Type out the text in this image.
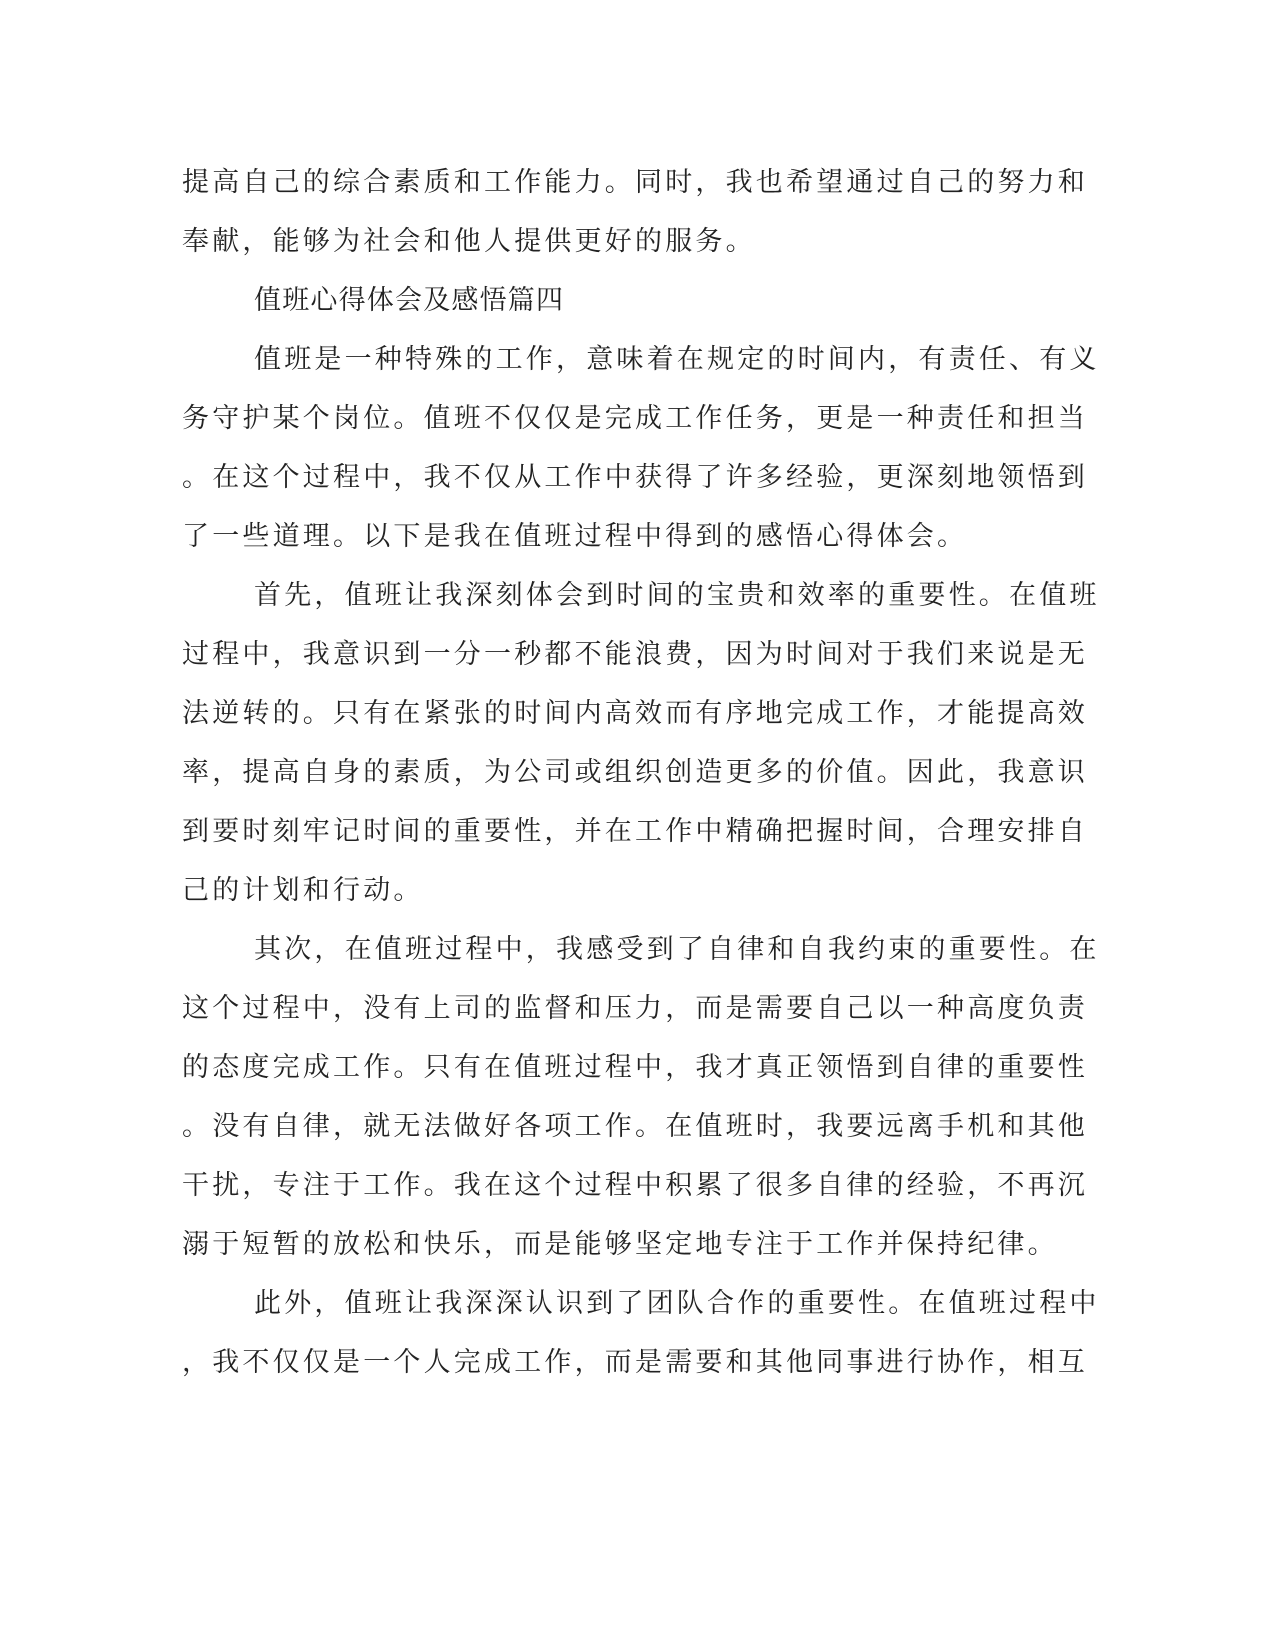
提高自己的综合素质和工作能力。同时，我也希望通过自己的努力和
奉献，能够为社会和他人提供更好的服务。
值班心得体会及感悟篇四
值班是一种特殊的工作，意味着在规定的时间内，有责任、有义
务守护某个岗位。值班不仅仅是完成工作任务，更是一种责任和担当
。在这个过程中，我不仅从工作中获得了许多经验，更深刻地领悟到
了一些道理。以下是我在值班过程中得到的感悟心得体会。
首先，值班让我深刻体会到时间的宝贵和效率的重要性。在值班
过程中，我意识到一分一秒都不能浪费，因为时间对于我们来说是无
法逆转的。只有在紧张的时间内高效而有序地完成工作，才能提高效
率，提高自身的素质，为公司或组织创造更多的价值。因此，我意识
到要时刻牢记时间的重要性，并在工作中精确把握时间，合理安排自
己的计划和行动。
其次，在值班过程中，我感受到了自律和自我约束的重要性。在
这个过程中，没有上司的监督和压力，而是需要自己以一种高度负责
的态度完成工作。只有在值班过程中，我才真正领悟到自律的重要性
。没有自律，就无法做好各项工作。在值班时，我要远离手机和其他
干扰，专注于工作。我在这个过程中积累了很多自律的经验，不再沉
溺于短暂的放松和快乐，而是能够坚定地专注于工作并保持纪律。
此外，值班让我深深认识到了团队合作的重要性。在值班过程中
，我不仅仅是一个人完成工作，而是需要和其他同事进行协作，相互
